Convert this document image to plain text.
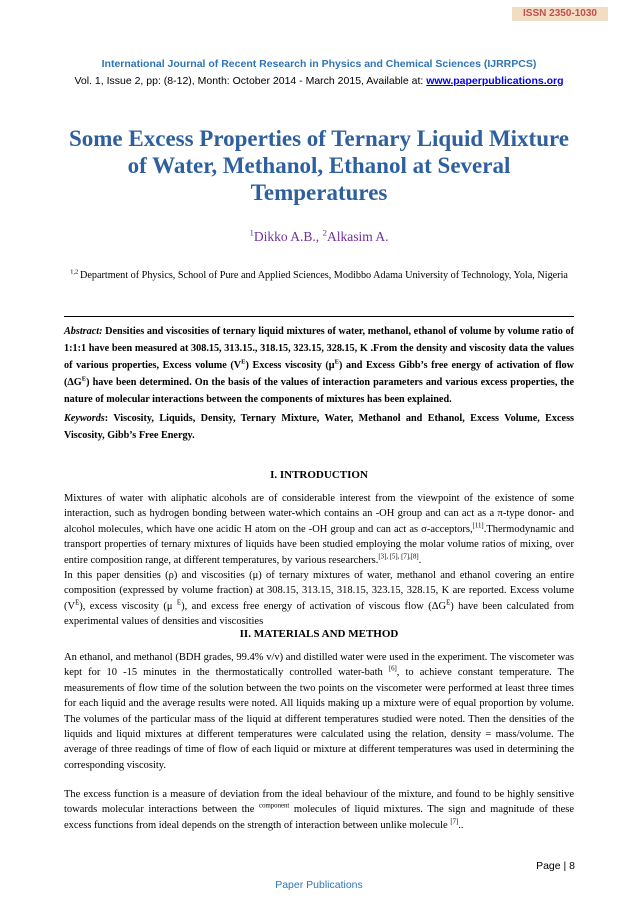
ISSN 2350-1030
International Journal of Recent Research in Physics and Chemical Sciences (IJRRPCS)
Vol. 1, Issue 2, pp: (8-12), Month: October 2014 - March 2015, Available at: www.paperpublications.org
Some Excess Properties of Ternary Liquid Mixture of Water, Methanol, Ethanol at Several Temperatures
$^1$Dikko A.B., $^2$Alkasim A.
$^{1,2}$ Department of Physics, School of Pure and Applied Sciences, Modibbo Adama University of Technology, Yola, Nigeria
Abstract: Densities and viscosities of ternary liquid mixtures of water, methanol, ethanol of volume by volume ratio of 1:1:1 have been measured at 308.15, 313.15., 318.15, 323.15, 328.15, K .From the density and viscosity data the values of various properties, Excess volume $(V^E)$ Excess viscosity $(\mu^E)$ and Excess Gibb’s free energy of activation of flow $(\Delta G^E)$ have been determined. On the basis of the values of interaction parameters and various excess properties, the nature of molecular interactions between the components of mixtures has been explained.
Keywords: Viscosity, Liquids, Density, Ternary Mixture, Water, Methanol and Ethanol, Excess Volume, Excess Viscosity, Gibb’s Free Energy.
I. INTRODUCTION
Mixtures of water with aliphatic alcohols are of considerable interest from the viewpoint of the existence of some interaction, such as hydrogen bonding between water-which contains an -OH group and can act as a π-type donor- and alcohol molecules, which have one acidic H atom on the -OH group and can act as σ-acceptors,[11].Thermodynamic and transport properties of ternary mixtures of liquids have been studied employing the molar volume ratios of mixing, over entire composition range, at different temperatures, by various researchers.[3], [5], [7],[8].
In this paper densities (ρ) and viscosities (μ) of ternary mixtures of water, methanol and ethanol covering an entire composition (expressed by volume fraction) at 308.15, 313.15, 318.15, 323.15, 328.15, K are reported. Excess volume $(V^E)$, excess viscosity (μ $^E$), and excess free energy of activation of viscous flow $(\Delta G^E)$ have been calculated from experimental values of densities and viscosities
II. MATERIALS AND METHOD
An ethanol, and methanol (BDH grades, 99.4% v/v) and distilled water were used in the experiment. The viscometer was kept for 10 -15 minutes in the thermostatically controlled water-bath [6], to achieve constant temperature. The measurements of flow time of the solution between the two points on the viscometer were performed at least three times for each liquid and the average results were noted. All liquids making up a mixture were of equal proportion by volume. The volumes of the particular mass of the liquid at different temperatures studied were noted. Then the densities of the liquids and liquid mixtures at different temperatures were calculated using the relation, density = mass/volume. The average of three readings of time of flow of each liquid or mixture at different temperatures was used in determining the corresponding viscosity.
The excess function is a measure of deviation from the ideal behaviour of the mixture, and found to be highly sensitive towards molecular interactions between the $^{component}$ molecules of liquid mixtures. The sign and magnitude of these excess functions from ideal depends on the strength of interaction between unlike molecule [7]..
Page | 8
Paper Publications
